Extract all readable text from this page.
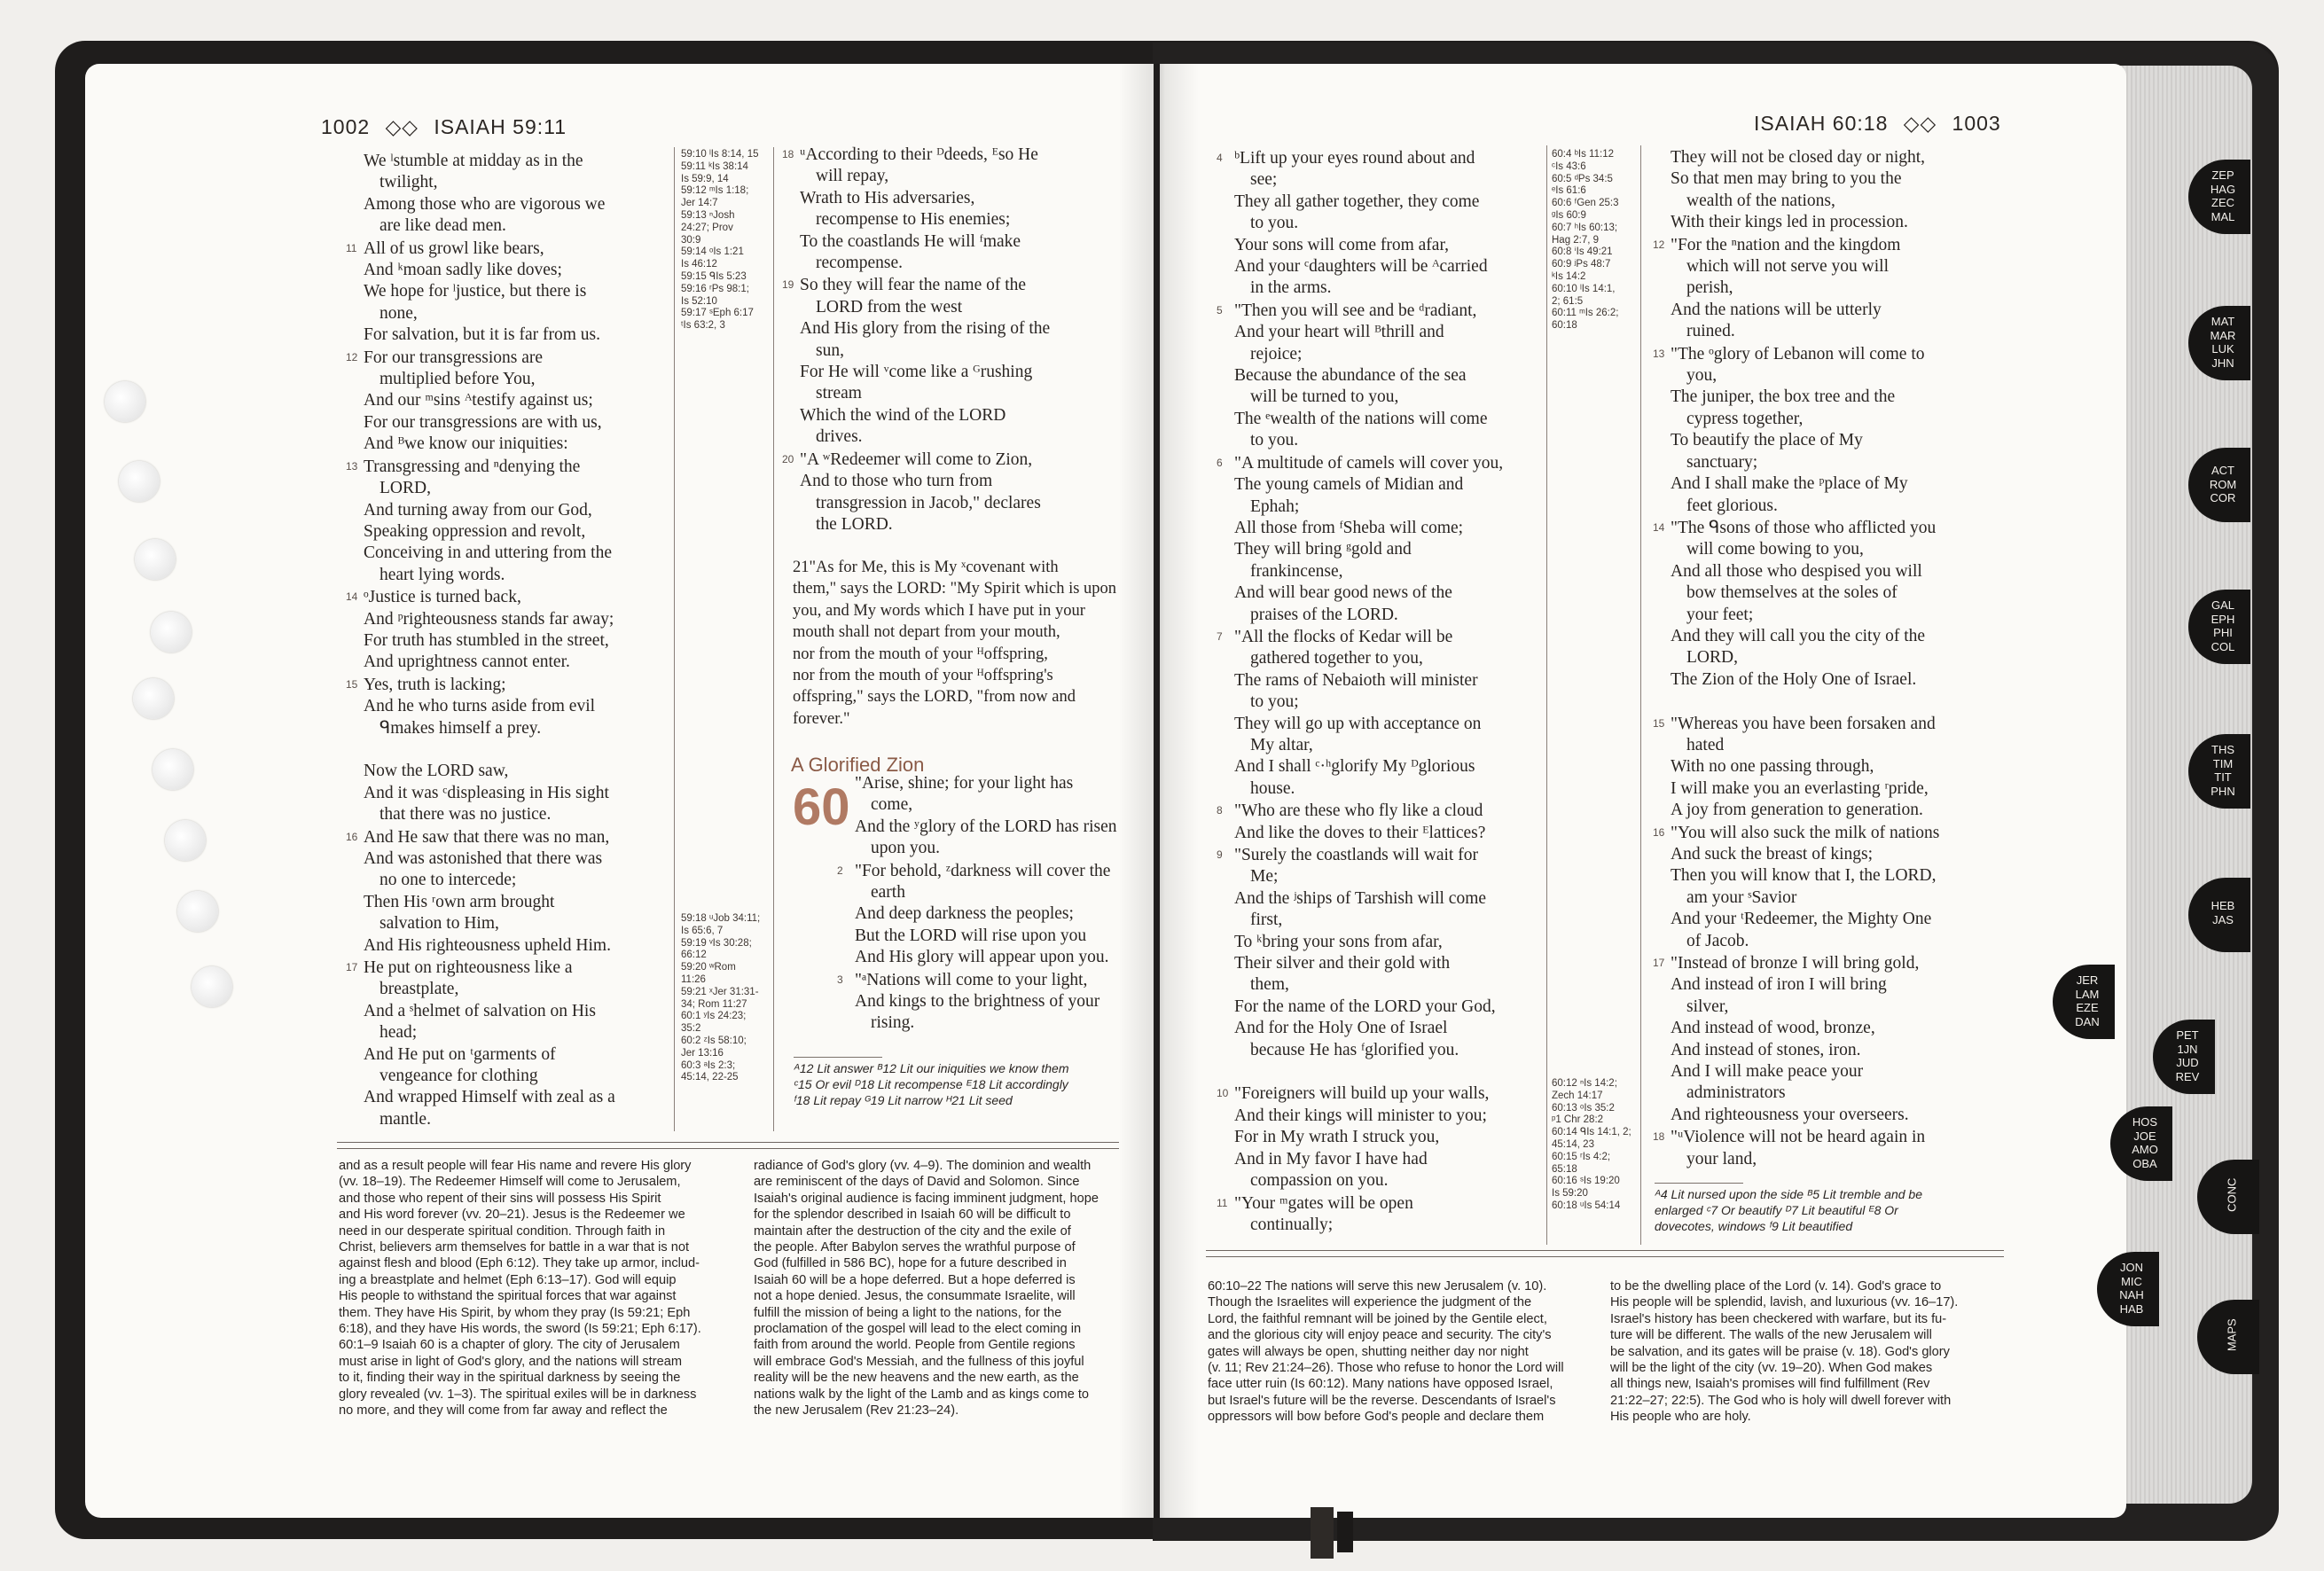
1002 ◇◇ ISAIAH 59:11	ISAIAH 60:18 ◇◇ 1003
We ˡstumble at midday as in the
twilight,
Among those who are vigorous we
are like dead men.
11 All of us growl like bears,
And ᵏmoan sadly like doves;
We hope for ˡjustice, but there is
none,
For salvation, but it is far from us.
12 For our transgressions are
multiplied before You,
And our ᵐsins ᴬtestify against us;
For our transgressions are with us,
And ᴮwe know our iniquities:
13 Transgressing and ⁿdenying the
LORD,
And turning away from our God,
Speaking oppression and revolt,
Conceiving in and uttering from the
heart lying words.
14 ᵒJustice is turned back,
And ᵖrighteousness stands far away;
For truth has stumbled in the street,
And uprightness cannot enter.
15 Yes, truth is lacking;
And he who turns aside from evil
ᑫmakes himself a prey.

Now the LORD saw,
And it was ᶜdispleasing in His sight
that there was no justice.
16 And He saw that there was no man,
And was astonished that there was
no one to intercede;
Then His ʳown arm brought
salvation to Him,
And His righteousness upheld Him.
17 He put on righteousness like a
breastplate,
And a ˢhelmet of salvation on His
head;
And He put on ᵗgarments of
vengeance for clothing
And wrapped Himself with zeal as a
mantle.
59:10 ˡIs 8:14, 15
59:11 ᵏIs 38:14
Is 59:9, 14
59:12 ᵐIs 1:18;
Jer 14:7
59:13 ⁿJosh
24:27; Prov
30:9
59:14 ᵒIs 1:21
Is 46:12
59:15 ᑫIs 5:23
59:16 ʳPs 98:1;
Is 52:10
59:17 ˢEph 6:17
ᵗIs 63:2, 3
59:18 ᵘJob 34:11;
Is 65:6, 7
59:19 ᵛIs 30:28;
66:12
59:20 ʷRom
11:26
59:21 ˣJer 31:31-
34; Rom 11:27
60:1 ʸIs 24:23;
35:2
60:2 ᶻIs 58:10;
Jer 13:16
60:3 ᵃIs 2:3;
45:14, 22-25
18 ᵘAccording to their ᴰdeeds, ᴱso He
will repay,
Wrath to His adversaries,
recompense to His enemies;
To the coastlands He will ᶠmake
recompense.
19 So they will fear the name of the
LORD from the west
And His glory from the rising of the
sun,
For He will ᵛcome like a ᴳrushing
stream
Which the wind of the LORD
drives.
20 "A ʷRedeemer will come to Zion,
And to those who turn from
transgression in Jacob," declares
the LORD.
21"As for Me, this is My ˣcovenant with
them," says the LORD: "My Spirit which is upon
you, and My words which I have put in your
mouth shall not depart from your mouth,
nor from the mouth of your ᴴoffspring,
nor from the mouth of your ᴴoffspring's
offspring," says the LORD, "from now and
forever."
A Glorified Zion
60 "Arise, shine; for your light has
come,
And the ʸglory of the LORD has risen
upon you.
2 "For behold, ᶻdarkness will cover the
earth
And deep darkness the peoples;
But the LORD will rise upon you
And His glory will appear upon you.
3 "ᵃNations will come to your light,
And kings to the brightness of your
rising.
ᴬ12 Lit answer ᴮ12 Lit our iniquities we know them
ᶜ15 Or evil ᴰ18 Lit recompense ᴱ18 Lit accordingly
ᶠ18 Lit repay ᴳ19 Lit narrow ᴴ21 Lit seed
and as a result people will fear His name and revere His glory
(vv. 18–19). The Redeemer Himself will come to Jerusalem,
and those who repent of their sins will possess His Spirit
and His word forever (vv. 20–21). Jesus is the Redeemer we
need in our desperate spiritual condition. Through faith in
Christ, believers arm themselves for battle in a war that is not
against flesh and blood (Eph 6:12). They take up armor, includ-
ing a breastplate and helmet (Eph 6:13–17). God will equip
His people to withstand the spiritual forces that war against
them. They have His Spirit, by whom they pray (Is 59:21; Eph
6:18), and they have His words, the sword (Is 59:21; Eph 6:17).
60:1–9 Isaiah 60 is a chapter of glory. The city of Jerusalem
must arise in light of God's glory, and the nations will stream
to it, finding their way in the spiritual darkness by seeing the
glory revealed (vv. 1–3). The spiritual exiles will be in darkness
no more, and they will come from far away and reflect the
radiance of God's glory (vv. 4–9). The dominion and wealth
are reminiscent of the days of David and Solomon. Since
Isaiah's original audience is facing imminent judgment, hope
for the splendor described in Isaiah 60 will be difficult to
maintain after the destruction of the city and the exile of
the people. After Babylon serves the wrathful purpose of
God (fulfilled in 586 BC), hope for a future described in
Isaiah 60 will be a hope deferred. But a hope deferred is
not a hope denied. Jesus, the consummate Israelite, will
fulfill the mission of being a light to the nations, for the
proclamation of the gospel will lead to the elect coming in
faith from around the world. People from Gentile regions
will embrace God's Messiah, and the fullness of this joyful
reality will be the new heavens and the new earth, as the
nations walk by the light of the Lamb and as kings come to
the new Jerusalem (Rev 21:23–24).
4 ᵇLift up your eyes round about and
see;
They all gather together, they come
to you.
Your sons will come from afar,
And your ᶜdaughters will be ᴬcarried
in the arms.
5 "Then you will see and be ᵈradiant,
And your heart will ᴮthrill and
rejoice;
Because the abundance of the sea
will be turned to you,
The ᵉwealth of the nations will come
to you.
6 "A multitude of camels will cover you,
The young camels of Midian and
Ephah;
All those from ᶠSheba will come;
They will bring ᵍgold and
frankincense,
And will bear good news of the
praises of the LORD.
7 "All the flocks of Kedar will be
gathered together to you,
The rams of Nebaioth will minister
to you;
They will go up with acceptance on
My altar,
And I shall ᶜ·ʰglorify My ᴰglorious
house.
8 "Who are these who fly like a cloud
And like the doves to their ᴱlattices?
9 "Surely the coastlands will wait for
Me;
And the ʲships of Tarshish will come
first,
To ᵏbring your sons from afar,
Their silver and their gold with
them,
For the name of the LORD your God,
And for the Holy One of Israel
because He has ᶠglorified you.

10 "Foreigners will build up your walls,
And their kings will minister to you;
For in My wrath I struck you,
And in My favor I have had
compassion on you.
11 "Your ᵐgates will be open
continually;
60:4 ᵇIs 11:12
ᶜIs 43:6
60:5 ᵈPs 34:5
ᵉIs 61:6
60:6 ᶠGen 25:3
ᵍIs 60:9
60:7 ʰIs 60:13;
Hag 2:7, 9
60:8 ⁱIs 49:21
60:9 ʲPs 48:7
ᵏIs 14:2
60:10 ˡIs 14:1,
2; 61:5
60:11 ᵐIs 26:2;
60:18
60:12 ⁿIs 14:2;
Zech 14:17
60:13 ᵒIs 35:2
ᵖ1 Chr 28:2
60:14 ᑫIs 14:1, 2;
45:14, 23
60:15 ʳIs 4:2;
65:18
60:16 ˢIs 19:20
Is 59:20
60:18 ᵘIs 54:14
They will not be closed day or night,
So that men may bring to you the
wealth of the nations,
With their kings led in procession.
12 "For the ⁿnation and the kingdom
which will not serve you will
perish,
And the nations will be utterly
ruined.
13 "The ᵒglory of Lebanon will come to
you,
The juniper, the box tree and the
cypress together,
To beautify the place of My
sanctuary;
And I shall make the ᵖplace of My
feet glorious.
14 "The ᑫsons of those who afflicted you
will come bowing to you,
And all those who despised you will
bow themselves at the soles of
your feet;
And they will call you the city of the
LORD,
The Zion of the Holy One of Israel.

15 "Whereas you have been forsaken and
hated
With no one passing through,
I will make you an everlasting ʳpride,
A joy from generation to generation.
16 "You will also suck the milk of nations
And suck the breast of kings;
Then you will know that I, the LORD,
am your ˢSavior
And your ᵗRedeemer, the Mighty One
of Jacob.
17 "Instead of bronze I will bring gold,
And instead of iron I will bring
silver,
And instead of wood, bronze,
And instead of stones, iron.
And I will make peace your
administrators
And righteousness your overseers.
18 "ᵘViolence will not be heard again in
your land,
ᴬ4 Lit nursed upon the side ᴮ5 Lit tremble and be
enlarged ᶜ7 Or beautify ᴰ7 Lit beautiful ᴱ8 Or
dovecotes, windows ᶠ9 Lit beautified
60:10–22 The nations will serve this new Jerusalem (v. 10).
Though the Israelites will experience the judgment of the
Lord, the faithful remnant will be joined by the Gentile elect,
and the glorious city will enjoy peace and security. The city's
gates will always be open, shutting neither day nor night
(v. 11; Rev 21:24–26). Those who refuse to honor the Lord will
face utter ruin (Is 60:12). Many nations have opposed Israel,
but Israel's future will be the reverse. Descendants of Israel's
oppressors will bow before God's people and declare them
to be the dwelling place of the Lord (v. 14). God's grace to
His people will be splendid, lavish, and luxurious (vv. 16–17).
Israel's history has been checkered with warfare, but its fu-
ture will be different. The walls of the new Jerusalem will
be salvation, and its gates will be praise (v. 18). God's glory
will be the light of the city (vv. 19–20). When God makes
all things new, Isaiah's promises will find fulfillment (Rev
21:22–27; 22:5). The God who is holy will dwell forever with
His people who are holy.
ZEP
HAG
ZEC
MAL
MAT
MAR
LUK
JHN
ACT
ROM
COR
GAL
EPH
PHI
COL
THS
TIM
TIT
PHN
HEB
JAS
JER
LAM
EZE
DAN
PET
1JN
JUD
REV
HOS
JOE
AMO
OBA
CONC
JON
MIC
NAH
HAB
MAPS
